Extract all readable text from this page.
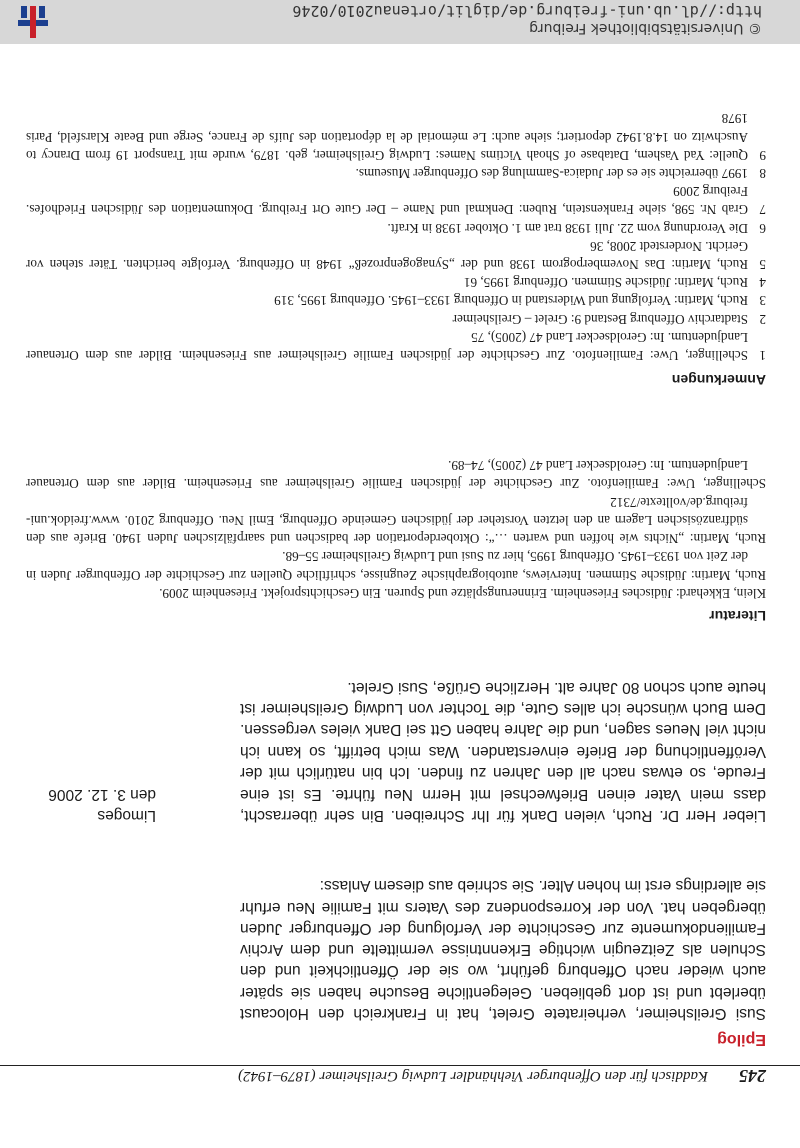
© Universitätsbibliothek Freiburg
http://dl.ub.uni-freiburg.de/diglit/ortenau2010/0246
245
Kaddisch für den Offenburger Viehhändler Ludwig Greilsheimer (1879–1942)
Epilog

Susi Greilsheimer, verheiratete Grelet, hat in Frankreich den Holocaust überlebt und ist dort geblieben. Gelegentliche Besuche haben sie später auch wieder nach Offenburg geführt, wo sie der Öffentlichkeit und den Schulen als Zeitzeugin wichtige Erkenntnisse vermittelte und dem Archiv Familiendokumente zur Geschichte der Verfolgung der Offenburger Juden übergeben hat. Von der Korrespondenz des Vaters mit Familie Neu erfuhr sie allerdings erst im hohen Alter. Sie schrieb aus diesem Anlass:

Lieber Herr Dr. Ruch, vielen Dank für Ihr Schreiben. Bin sehr überrascht, dass mein Vater einen Briefwechsel mit Herrn Neu führte. Es ist eine Freude, so etwas nach all den Jahren zu finden. Ich bin natürlich mit der Veröffentlichung der Briefe einverstanden. Was mich betrifft, so kann ich nicht viel Neues sagen, und die Jahre haben Gtt sei Dank vieles vergessen. Dem Buch wünsche ich alles Gute, die Tochter von Ludwig Greilsheimer ist heute auch schon 80 Jahre alt. Herzliche Grüße, Susi Grelet.
Limoges
den 3. 12. 2006
Literatur
Klein, Ekkehard: Jüdisches Friesenheim. Erinnerungsplätze und Spuren. Ein Geschichtsprojekt. Friesenheim 2009.
Ruch, Martin: Jüdische Stimmen. Interviews, autobiographische Zeugnisse, schriftliche Quellen zur Geschichte der Offenburger Juden in der Zeit von 1933–1945. Offenburg 1995, hier zu Susi und Ludwig Greilsheimer 55–68.
Ruch, Martin: „Nichts wie hoffen und warten …“: Oktoberdeportation der badischen und saarpfälzischen Juden 1940. Briefe aus den südfranzösischen Lagern an den letzten Vorsteher der jüdischen Gemeinde Offenburg, Emil Neu. Offenburg 2010. www.freidok.uni-freiburg.de/volltexte/7312
Schellinger, Uwe: Familienfoto. Zur Geschichte der jüdischen Familie Greilsheimer aus Friesenheim. Bilder aus dem Ortenauer Landjudentum. In: Geroldsecker Land 47 (2005), 74–89.
Anmerkungen
1
Schellinger, Uwe: Familienfoto. Zur Geschichte der jüdischen Familie Greilsheimer aus Friesenheim. Bilder aus dem Ortenauer Landjudentum. In: Geroldsecker Land 47 (2005), 75
2
Stadtarchiv Offenburg Bestand 9: Grelet – Greilsheimer
3
Ruch, Martin: Verfolgung und Widerstand in Offenburg 1933–1945. Offenburg 1995, 319
4
Ruch, Martin: Jüdische Stimmen. Offenburg 1995, 61
5
Ruch, Martin: Das Novemberpogrom 1938 und der „Synagogenprozeß“ 1948 in Offenburg. Verfolgte berichten. Täter stehen vor Gericht. Norderstedt 2008, 36
6
Die Verordnung vom 22. Juli 1938 trat am 1. Oktober 1938 in Kraft.
7
Grab Nr. 598, siehe Frankenstein, Ruben: Denkmal und Name – Der Gute Ort Freiburg. Dokumentation des Jüdischen Friedhofes. Freiburg 2009
8
1997 überreichte sie es der Judaica-Sammlung des Offenburger Museums.
9
Quelle: Yad Vashem, Database of Shoah Victims Names: Ludwig Greilsheimer, geb. 1879, wurde mit Transport 19 from Drancy to Auschwitz on 14.8.1942 deportiert; siehe auch: Le mémorial de la déportation des Juifs de France, Serge und Beate Klarsfeld, Paris 1978
